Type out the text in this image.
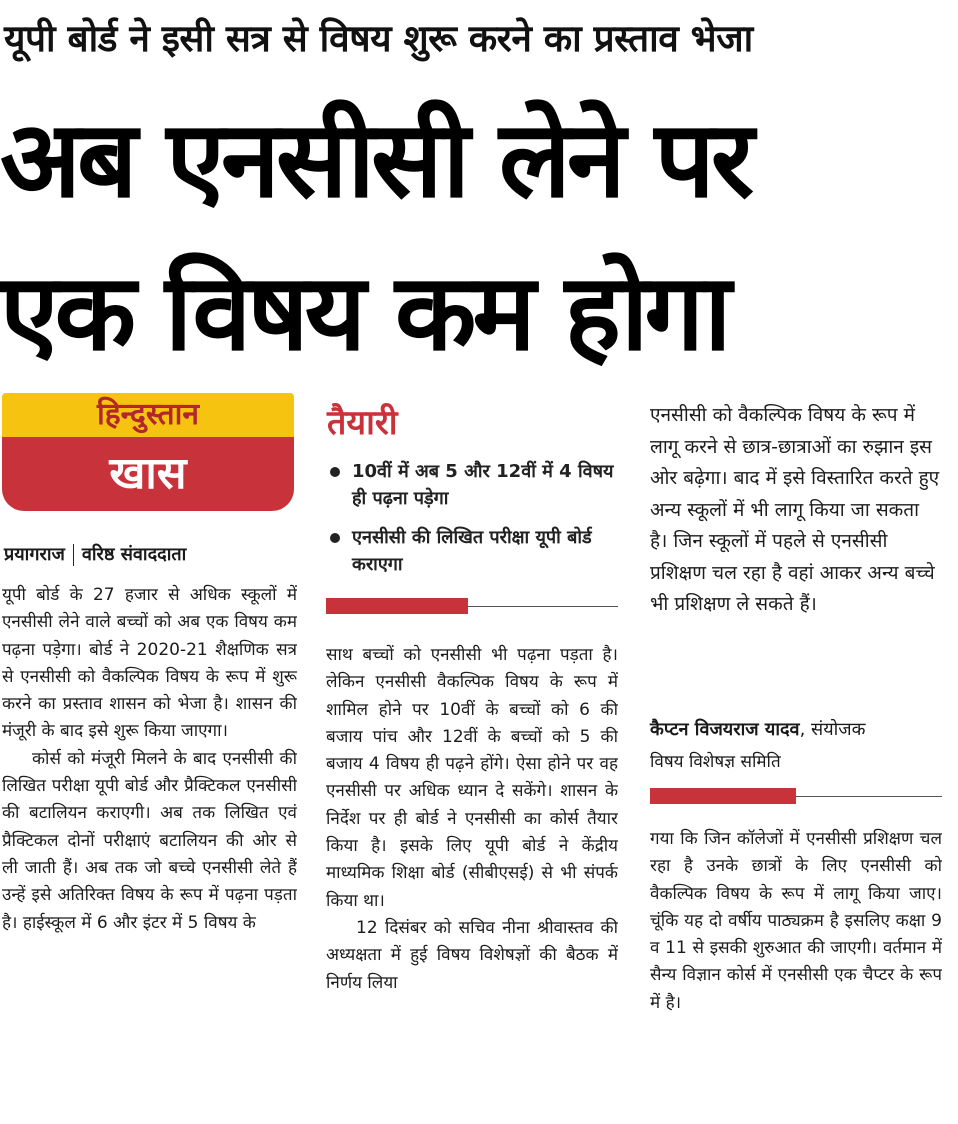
यूपी बोर्ड ने इसी सत्र से विषय शुरू करने का प्रस्ताव भेजा
अब एनसीसी लेने पर
एक विषय कम होगा
हिन्दुस्तान
खास
प्रयागराज वरिष्ठ संवाददाता

यूपी बोर्ड के 27 हजार से अधिक स्कूलों में एनसीसी लेने वाले बच्चों को अब एक विषय कम पढ़ना पड़ेगा। बोर्ड ने 2020-21 शैक्षणिक सत्र से एनसीसी को वैकल्पिक विषय के रूप में शुरू करने का प्रस्ताव शासन को भेजा है। शासन की मंजूरी के बाद इसे शुरू किया जाएगा।

कोर्स को मंजूरी मिलने के बाद एनसीसी की लिखित परीक्षा यूपी बोर्ड और प्रैक्टिकल एनसीसी की बटालियन कराएगी। अब तक लिखित एवं प्रैक्टिकल दोनों परीक्षाएं बटालियन की ओर से ली जाती हैं। अब तक जो बच्चे एनसीसी लेते हैं उन्हें इसे अतिरिक्त विषय के रूप में पढ़ना पड़ता है। हाईस्कूल में 6 और इंटर में 5 विषय के

तैयारी
10वीं में अब 5 और 12वीं में 4 विषय ही पढ़ना पड़ेगा
एनसीसी की लिखित परीक्षा यूपी बोर्ड कराएगा

साथ बच्चों को एनसीसी भी पढ़ना पड़ता है। लेकिन एनसीसी वैकल्पिक विषय के रूप में शामिल होने पर 10वीं के बच्चों को 6 की बजाय पांच और 12वीं के बच्चों को 5 की बजाय 4 विषय ही पढ़ने होंगे। ऐसा होने पर वह एनसीसी पर अधिक ध्यान दे सकेंगे। शासन के निर्देश पर ही बोर्ड ने एनसीसी का कोर्स तैयार किया है। इसके लिए यूपी बोर्ड ने केंद्रीय माध्यमिक शिक्षा बोर्ड (सीबीएसई) से भी संपर्क किया था।

12 दिसंबर को सचिव नीना श्रीवास्तव की अध्यक्षता में हुई विषय विशेषज्ञों की बैठक में निर्णय लिया

एनसीसी को वैकल्पिक विषय के रूप में लागू करने से छात्र-छात्राओं का रुझान इस ओर बढ़ेगा। बाद में इसे विस्तारित करते हुए अन्य स्कूलों में भी लागू किया जा सकता है। जिन स्कूलों में पहले से एनसीसी प्रशिक्षण चल रहा है वहां आकर अन्य बच्चे भी प्रशिक्षण ले सकते हैं।
कैप्टन विजयराज यादव, संयोजक
विषय विशेषज्ञ समिति

गया कि जिन कॉलेजों में एनसीसी प्रशिक्षण चल रहा है उनके छात्रों के लिए एनसीसी को वैकल्पिक विषय के रूप में लागू किया जाए। चूंकि यह दो वर्षीय पाठ्यक्रम है इसलिए कक्षा 9 व 11 से इसकी शुरुआत की जाएगी। वर्तमान में सैन्य विज्ञान कोर्स में एनसीसी एक चैप्टर के रूप में है।
